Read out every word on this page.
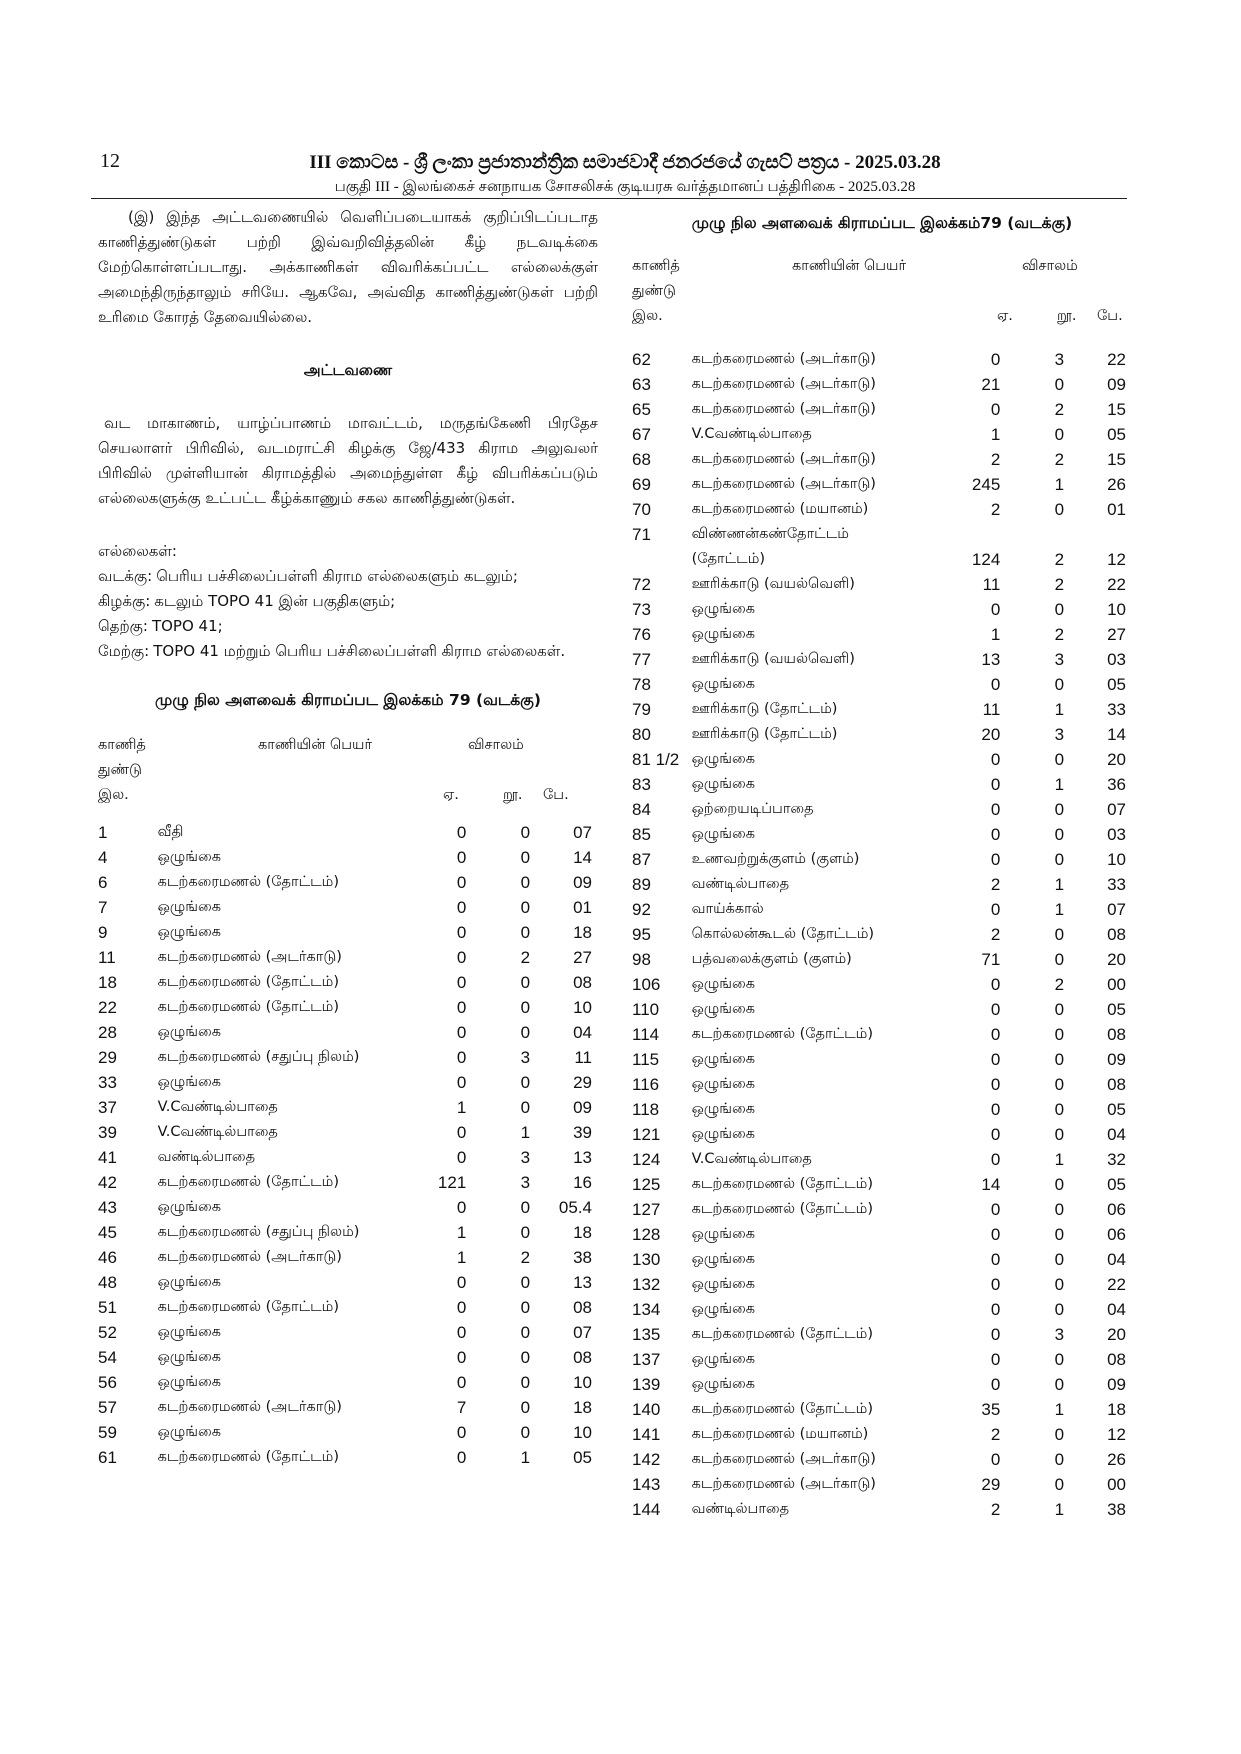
12	III කොටස - ශ්‍රී ලංකා ප්‍රජාතාන්ත්‍රික සමාජවාදී ජනරජයේ ගැසට් පත්‍රය - 2025.03.28
பகுதி III - இலங்கைச் சனநாயக சோசலிசக் குடியரசு வர்த்தமானப் பத்திரிகை - 2025.03.28

(இ) இந்த அட்டவணையில் வெளிப்படையாகக் குறிப்பிடப்படாத காணித்துண்டுகள் பற்றி இவ்வறிவித்தலின் கீழ் நடவடிக்கை மேற்கொள்ளப்படாது. அக்காணிகள் விவரிக்கப்பட்ட எல்லைக்குள் அமைந்திருந்தாலும் சரியே. ஆகவே, அவ்வித காணித்துண்டுகள் பற்றி உரிமை கோரத் தேவையில்லை.

அட்டவணை

வட மாகாணம், யாழ்ப்பாணம் மாவட்டம், மருதங்கேணி பிரதேச செயலாளர் பிரிவில், வடமராட்சி கிழக்கு ஜே/433 கிராம அலுவலர் பிரிவில் முள்ளியான் கிராமத்தில் அமைந்துள்ள கீழ் விபரிக்கப்படும் எல்லைகளுக்கு உட்பட்ட கீழ்க்காணும் சகல காணித்துண்டுகள்.

எல்லைகள்:
வடக்கு: பெரிய பச்சிலைப்பள்ளி கிராம எல்லைகளும் கடலும்;
கிழக்கு: கடலும் TOPO 41 இன் பகுதிகளும்;
தெற்கு: TOPO 41;
மேற்கு: TOPO 41 மற்றும் பெரிய பச்சிலைப்பள்ளி கிராம எல்லைகள்.
முழு நில அளவைக் கிராமப்பட இலக்கம் 79 (வடக்கு)
காணித்	காணியின் பெயர்	விசாலம்
துண்டு
இல.	ஏ.	றூ.	பே.
1	வீதி	0	0	07
4	ஒழுங்கை	0	0	14
6	கடற்கரைமணல் (தோட்டம்)	0	0	09
7	ஒழுங்கை	0	0	01
9	ஒழுங்கை	0	0	18
11	கடற்கரைமணல் (அடர்காடு)	0	2	27
18	கடற்கரைமணல் (தோட்டம்)	0	0	08
22	கடற்கரைமணல் (தோட்டம்)	0	0	10
28	ஒழுங்கை	0	0	04
29	கடற்கரைமணல் (சதுப்பு நிலம்)	0	3	11
33	ஒழுங்கை	0	0	29
37	V.Cவண்டில்பாதை	1	0	09
39	V.Cவண்டில்பாதை	0	1	39
41	வண்டில்பாதை	0	3	13
42	கடற்கரைமணல் (தோட்டம்)	121	3	16
43	ஒழுங்கை	0	0	05.4
45	கடற்கரைமணல் (சதுப்பு நிலம்)	1	0	18
46	கடற்கரைமணல் (அடர்காடு)	1	2	38
48	ஒழுங்கை	0	0	13
51	கடற்கரைமணல் (தோட்டம்)	0	0	08
52	ஒழுங்கை	0	0	07
54	ஒழுங்கை	0	0	08
56	ஒழுங்கை	0	0	10
57	கடற்கரைமணல் (அடர்காடு)	7	0	18
59	ஒழுங்கை	0	0	10
61	கடற்கரைமணல் (தோட்டம்)	0	1	05
முழு நில அளவைக் கிராமப்பட இலக்கம்79 (வடக்கு)
காணித்	காணியின் பெயர்	விசாலம்
துண்டு
இல.	ஏ.	றூ.	பே.
62	கடற்கரைமணல் (அடர்காடு)	0	3	22
63	கடற்கரைமணல் (அடர்காடு)	21	0	09
65	கடற்கரைமணல் (அடர்காடு)	0	2	15
67	V.Cவண்டில்பாதை	1	0	05
68	கடற்கரைமணல் (அடர்காடு)	2	2	15
69	கடற்கரைமணல் (அடர்காடு)	245	1	26
70	கடற்கரைமணல் (மயானம்)	2	0	01
71	விண்ணன்கண்தோட்டம்			
	(தோட்டம்)	124	2	12
72	ஊரிக்காடு (வயல்வெளி)	11	2	22
73	ஒழுங்கை	0	0	10
76	ஒழுங்கை	1	2	27
77	ஊரிக்காடு (வயல்வெளி)	13	3	03
78	ஒழுங்கை	0	0	05
79	ஊரிக்காடு (தோட்டம்)	11	1	33
80	ஊரிக்காடு (தோட்டம்)	20	3	14
81 1/2	ஒழுங்கை	0	0	20
83	ஒழுங்கை	0	1	36
84	ஒற்றையடிப்பாதை	0	0	07
85	ஒழுங்கை	0	0	03
87	உணவற்றுக்குளம் (குளம்)	0	0	10
89	வண்டில்பாதை	2	1	33
92	வாய்க்கால்	0	1	07
95	கொல்லன்கூடல் (தோட்டம்)	2	0	08
98	பத்வலைக்குளம் (குளம்)	71	0	20
106	ஒழுங்கை	0	2	00
110	ஒழுங்கை	0	0	05
114	கடற்கரைமணல் (தோட்டம்)	0	0	08
115	ஒழுங்கை	0	0	09
116	ஒழுங்கை	0	0	08
118	ஒழுங்கை	0	0	05
121	ஒழுங்கை	0	0	04
124	V.Cவண்டில்பாதை	0	1	32
125	கடற்கரைமணல் (தோட்டம்)	14	0	05
127	கடற்கரைமணல் (தோட்டம்)	0	0	06
128	ஒழுங்கை	0	0	06
130	ஒழுங்கை	0	0	04
132	ஒழுங்கை	0	0	22
134	ஒழுங்கை	0	0	04
135	கடற்கரைமணல் (தோட்டம்)	0	3	20
137	ஒழுங்கை	0	0	08
139	ஒழுங்கை	0	0	09
140	கடற்கரைமணல் (தோட்டம்)	35	1	18
141	கடற்கரைமணல் (மயானம்)	2	0	12
142	கடற்கரைமணல் (அடர்காடு)	0	0	26
143	கடற்கரைமணல் (அடர்காடு)	29	0	00
144	வண்டில்பாதை	2	1	38
